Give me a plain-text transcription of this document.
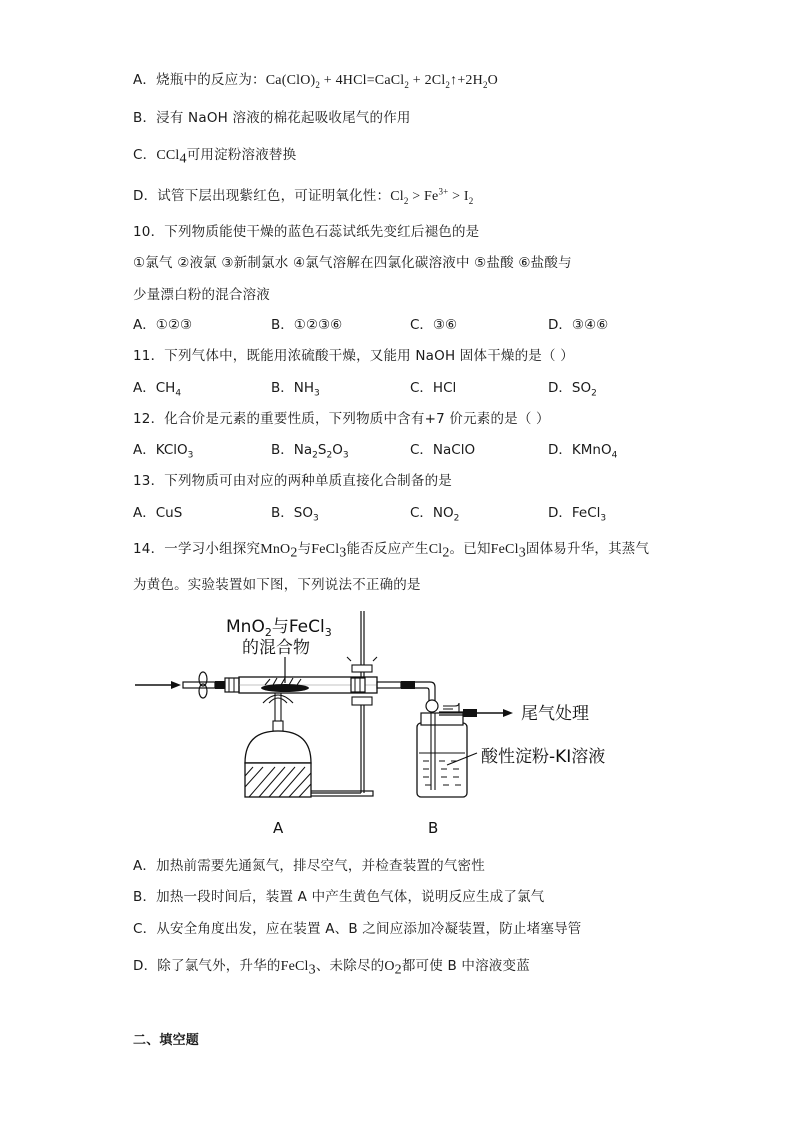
A．烧瓶中的反应为：$Ca(ClO)_2$ + 4HCl=CaCl$_2$ + $2Cl_2↑+2H_2O$
B．浸有 NaOH 溶液的棉花起吸收尾气的作用
C．CCl$_4$可用淀粉溶液替换
D．试管下层出现紫红色，可证明氧化性：$Cl_2 > Fe^{3+} > I_2$
10．下列物质能使干燥的蓝色石蕊试纸先变红后褪色的是
①氯气 ②液氯 ③新制氯水 ④氯气溶解在四氯化碳溶液中 ⑤盐酸 ⑥盐酸与
少量漂白粉的混合溶液
A．①②③	B．①②③⑥	C．③⑥	D．③④⑥
11．下列气体中，既能用浓硫酸干燥，又能用 NaOH 固体干燥的是（ ）
A．$CH_4$	B．$NH_3$	C．HCl	D．$SO_2$
12．化合价是元素的重要性质，下列物质中含有+7 价元素的是（ ）
A．KClO$_3$	B．$Na_2S_2O_3$	C．NaClO	D．KMnO$_4$
13．下列物质可由对应的两种单质直接化合制备的是
A．CuS	B．$SO_3$	C．$NO_2$	D．FeCl$_3$
14．一学习小组探究MnO$_2$与FeCl$_3$能否反应产生$Cl_2$。已知FeCl$_3$固体易升华，其蒸气
为黄色。实验装置如下图，下列说法不正确的是
MnO$_2$与FeCl$_3$
的混合物
酸性淀粉-KI溶液
尾气处理
A	B
A．加热前需要先通氮气，排尽空气，并检查装置的气密性
B．加热一段时间后，装置 A 中产生黄色气体，说明反应生成了氯气
C．从安全角度出发，应在装置 A、B 之间应添加冷凝装置，防止堵塞导管
D．除了氯气外，升华的FeCl$_3$、未除尽的$O_2$都可使 B 中溶液变蓝
二、填空题
